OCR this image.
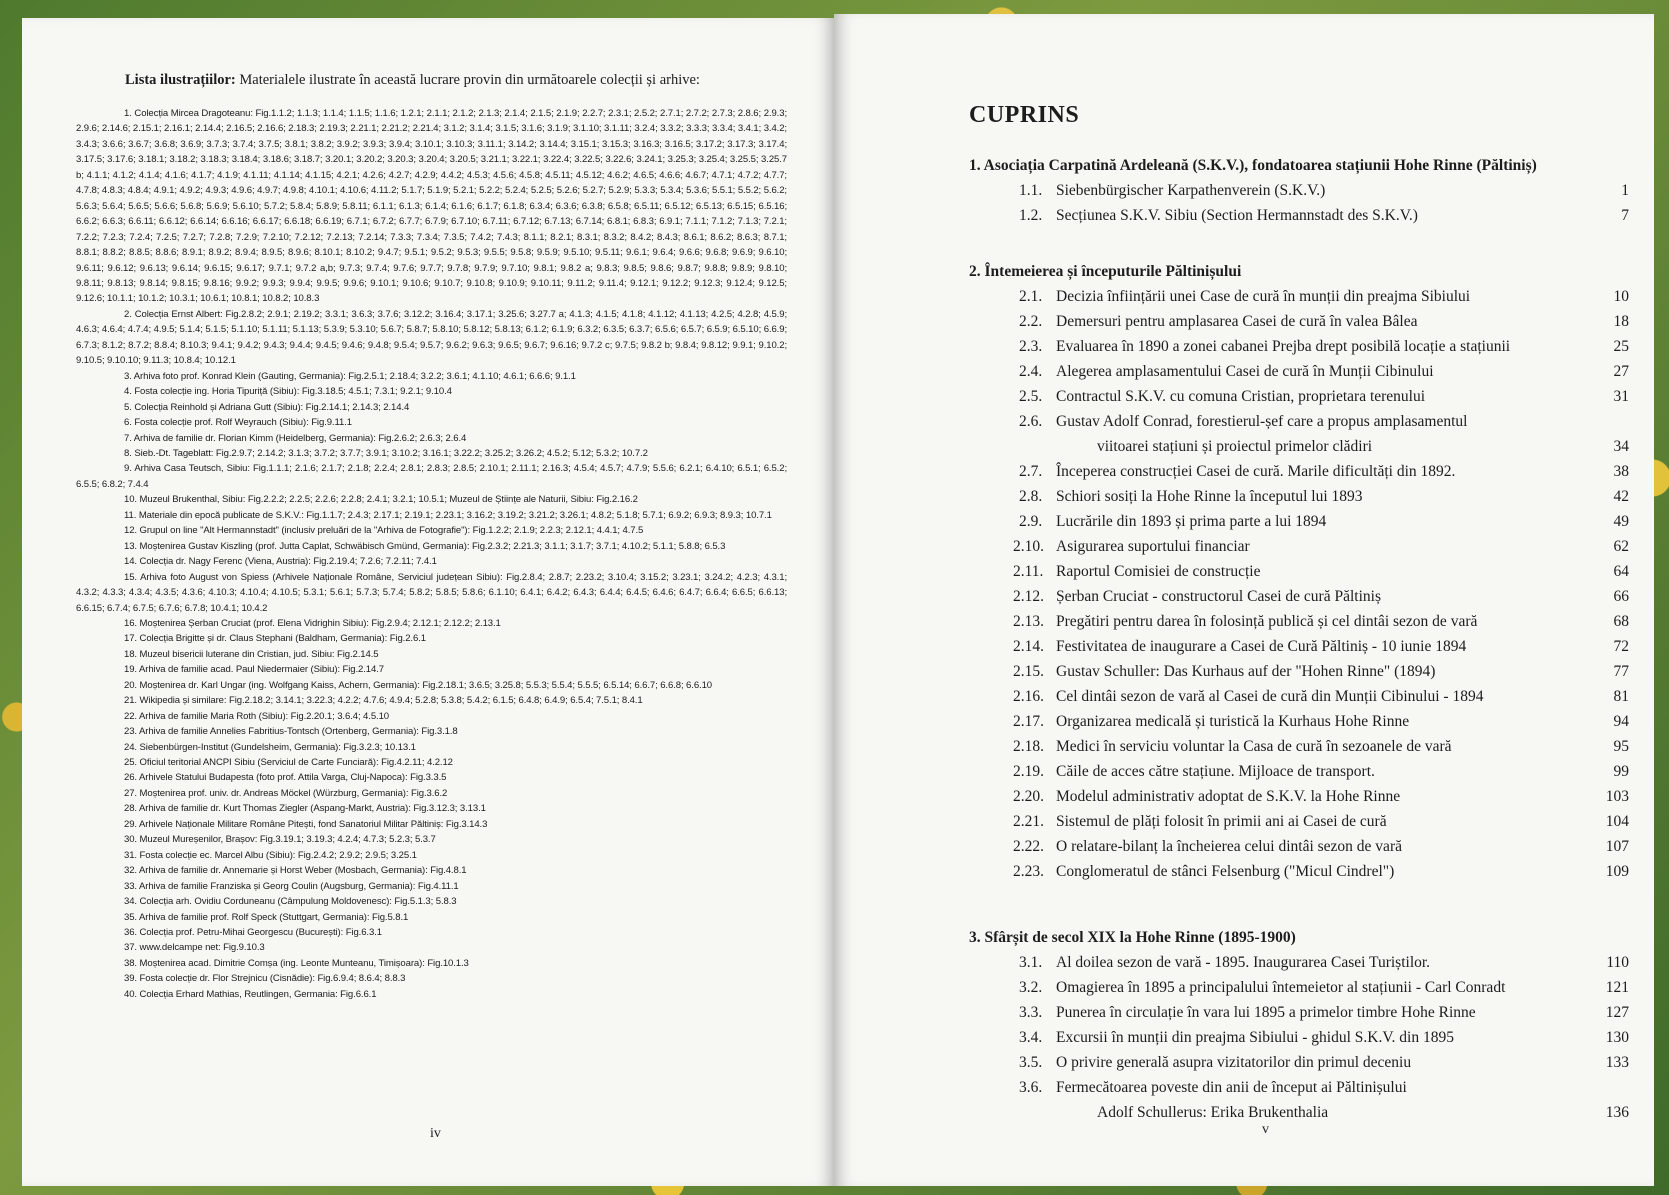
Lista ilustrațiilor: Materialele ilustrate în această lucrare provin din următoarele colecții și arhive:

1. Colecția Mircea Dragoteanu: Fig.1.1.2; 1.1.3; 1.1.4; 1.1.5; 1.1.6; 1.2.1; 2.1.1; 2.1.2; 2.1.3; 2.1.4; 2.1.5; 2.1.9; 2.2.7; 2.3.1; 2.5.2; 2.7.1; 2.7.2; 2.7.3; 2.8.6; 2.9.3; 2.9.6; 2.14.6; 2.15.1; 2.16.1; 2.14.4; 2.16.5; 2.16.6; 2.18.3; 2.19.3; 2.21.1; 2.21.2; 2.21.4; 3.1.2; 3.1.4; 3.1.5; 3.1.6; 3.1.9; 3.1.10; 3.1.11; 3.2.4; 3.3.2; 3.3.3; 3.3.4; 3.4.1; 3.4.2; 3.4.3; 3.6.6; 3.6.7; 3.6.8; 3.6.9; 3.7.3; 3.7.4; 3.7.5; 3.8.1; 3.8.2; 3.9.2; 3.9.3; 3.9.4; 3.10.1; 3.10.3; 3.11.1; 3.14.2; 3.14.4; 3.15.1; 3.15.3; 3.16.3; 3.16.5; 3.17.2; 3.17.3; 3.17.4; 3.17.5; 3.17.6; 3.18.1; 3.18.2; 3.18.3; 3.18.4; 3.18.6; 3.18.7; 3.20.1; 3.20.2; 3.20.3; 3.20.4; 3.20.5; 3.21.1; 3.22.1; 3.22.4; 3.22.5; 3.22.6; 3.24.1; 3.25.3; 3.25.4; 3.25.5; 3.25.7 b; 4.1.1; 4.1.2; 4.1.4; 4.1.6; 4.1.7; 4.1.9; 4.1.11; 4.1.14; 4.1.15; 4.2.1; 4.2.6; 4.2.7; 4.2.9; 4.4.2; 4.5.3; 4.5.6; 4.5.8; 4.5.11; 4.5.12; 4.6.2; 4.6.5; 4.6.6; 4.6.7; 4.7.1; 4.7.2; 4.7.7; 4.7.8; 4.8.3; 4.8.4; 4.9.1; 4.9.2; 4.9.3; 4.9.6; 4.9.7; 4.9.8; 4.10.1; 4.10.6; 4.11.2; 5.1.7; 5.1.9; 5.2.1; 5.2.2; 5.2.4; 5.2.5; 5.2.6; 5.2.7; 5.2.9; 5.3.3; 5.3.4; 5.3.6; 5.5.1; 5.5.2; 5.6.2; 5.6.3; 5.6.4; 5.6.5; 5.6.6; 5.6.8; 5.6.9; 5.6.10; 5.7.2; 5.8.4; 5.8.9; 5.8.11; 6.1.1; 6.1.3; 6.1.4; 6.1.6; 6.1.7; 6.1.8; 6.3.4; 6.3.6; 6.3.8; 6.5.8; 6.5.11; 6.5.12; 6.5.13; 6.5.15; 6.5.16; 6.6.2; 6.6.3; 6.6.11; 6.6.12; 6.6.14; 6.6.16; 6.6.17; 6.6.18; 6.6.19; 6.7.1; 6.7.2; 6.7.7; 6.7.9; 6.7.10; 6.7.11; 6.7.12; 6.7.13; 6.7.14; 6.8.1; 6.8.3; 6.9.1; 7.1.1; 7.1.2; 7.1.3; 7.2.1; 7.2.2; 7.2.3; 7.2.4; 7.2.5; 7.2.7; 7.2.8; 7.2.9; 7.2.10; 7.2.12; 7.2.13; 7.2.14; 7.3.3; 7.3.4; 7.3.5; 7.4.2; 7.4.3; 8.1.1; 8.2.1; 8.3.1; 8.3.2; 8.4.2; 8.4.3; 8.6.1; 8.6.2; 8.6.3; 8.7.1; 8.8.1; 8.8.2; 8.8.5; 8.8.6; 8.9.1; 8.9.2; 8.9.4; 8.9.5; 8.9.6; 8.10.1; 8.10.2; 9.4.7; 9.5.1; 9.5.2; 9.5.3; 9.5.5; 9.5.8; 9.5.9; 9.5.10; 9.5.11; 9.6.1; 9.6.4; 9.6.6; 9.6.8; 9.6.9; 9.6.10; 9.6.11; 9.6.12; 9.6.13; 9.6.14; 9.6.15; 9.6.17; 9.7.1; 9.7.2 a,b; 9.7.3; 9.7.4; 9.7.6; 9.7.7; 9.7.8; 9.7.9; 9.7.10; 9.8.1; 9.8.2 a; 9.8.3; 9.8.5; 9.8.6; 9.8.7; 9.8.8; 9.8.9; 9.8.10; 9.8.11; 9.8.13; 9.8.14; 9.8.15; 9.8.16; 9.9.2; 9.9.3; 9.9.4; 9.9.5; 9.9.6; 9.10.1; 9.10.6; 9.10.7; 9.10.8; 9.10.9; 9.10.11; 9.11.2; 9.11.4; 9.12.1; 9.12.2; 9.12.3; 9.12.4; 9.12.5; 9.12.6; 10.1.1; 10.1.2; 10.3.1; 10.6.1; 10.8.1; 10.8.2; 10.8.3

2. Colecția Ernst Albert: Fig.2.8.2; 2.9.1; 2.19.2; 3.3.1; 3.6.3; 3.7.6; 3.12.2; 3.16.4; 3.17.1; 3.25.6; 3.27.7 a; 4.1.3; 4.1.5; 4.1.8; 4.1.12; 4.1.13; 4.2.5; 4.2.8; 4.5.9; 4.6.3; 4.6.4; 4.7.4; 4.9.5; 5.1.4; 5.1.5; 5.1.10; 5.1.11; 5.1.13; 5.3.9; 5.3.10; 5.6.7; 5.8.7; 5.8.10; 5.8.12; 5.8.13; 6.1.2; 6.1.9; 6.3.2; 6.3.5; 6.3.7; 6.5.6; 6.5.7; 6.5.9; 6.5.10; 6.6.9; 6.7.3; 8.1.2; 8.7.2; 8.8.4; 8.10.3; 9.4.1; 9.4.2; 9.4.3; 9.4.4; 9.4.5; 9.4.6; 9.4.8; 9.5.4; 9.5.7; 9.6.2; 9.6.3; 9.6.5; 9.6.7; 9.6.16; 9.7.2 c; 9.7.5; 9.8.2 b; 9.8.4; 9.8.12; 9.9.1; 9.10.2; 9.10.5; 9.10.10; 9.11.3; 10.8.4; 10.12.1

3. Arhiva foto prof. Konrad Klein (Gauting, Germania): Fig.2.5.1; 2.18.4; 3.2.2; 3.6.1; 4.1.10; 4.6.1; 6.6.6; 9.1.1

4. Fosta colecție ing. Horia Tipuriță (Sibiu): Fig.3.18.5; 4.5.1; 7.3.1; 9.2.1; 9.10.4

5. Colecția Reinhold și Adriana Gutt (Sibiu): Fig.2.14.1; 2.14.3; 2.14.4

6. Fosta colecție prof. Rolf Weyrauch (Sibiu): Fig.9.11.1

7. Arhiva de familie dr. Florian Kimm (Heidelberg, Germania): Fig.2.6.2; 2.6.3; 2.6.4

8. Sieb.-Dt. Tageblatt: Fig.2.9.7; 2.14.2; 3.1.3; 3.7.2; 3.7.7; 3.9.1; 3.10.2; 3.16.1; 3.22.2; 3.25.2; 3.26.2; 4.5.2; 5.12; 5.3.2; 10.7.2

9. Arhiva Casa Teutsch, Sibiu: Fig.1.1.1; 2.1.6; 2.1.7; 2.1.8; 2.2.4; 2.8.1; 2.8.3; 2.8.5; 2.10.1; 2.11.1; 2.16.3; 4.5.4; 4.5.7; 4.7.9; 5.5.6; 6.2.1; 6.4.10; 6.5.1; 6.5.2; 6.5.5; 6.8.2; 7.4.4

10. Muzeul Brukenthal, Sibiu: Fig.2.2.2; 2.2.5; 2.2.6; 2.2.8; 2.4.1; 3.2.1; 10.5.1; Muzeul de Științe ale Naturii, Sibiu: Fig.2.16.2

11. Materiale din epocă publicate de S.K.V.: Fig.1.1.7; 2.4.3; 2.17.1; 2.19.1; 2.23.1; 3.16.2; 3.19.2; 3.21.2; 3.26.1; 4.8.2; 5.1.8; 5.7.1; 6.9.2; 6.9.3; 8.9.3; 10.7.1

12. Grupul on line "Alt Hermannstadt" (inclusiv preluări de la "Arhiva de Fotografie"): Fig.1.2.2; 2.1.9; 2.2.3; 2.12.1; 4.4.1; 4.7.5

13. Moștenirea Gustav Kiszling (prof. Jutta Caplat, Schwäbisch Gmünd, Germania): Fig.2.3.2; 2.21.3; 3.1.1; 3.1.7; 3.7.1; 4.10.2; 5.1.1; 5.8.8; 6.5.3

14. Colecția dr. Nagy Ferenc (Viena, Austria): Fig.2.19.4; 7.2.6; 7.2.11; 7.4.1

15. Arhiva foto August von Spiess (Arhivele Naționale Române, Serviciul județean Sibiu): Fig.2.8.4; 2.8.7; 2.23.2; 3.10.4; 3.15.2; 3.23.1; 3.24.2; 4.2.3; 4.3.1; 4.3.2; 4.3.3; 4.3.4; 4.3.5; 4.3.6; 4.10.3; 4.10.4; 4.10.5; 5.3.1; 5.6.1; 5.7.3; 5.7.4; 5.8.2; 5.8.5; 5.8.6; 6.1.10; 6.4.1; 6.4.2; 6.4.3; 6.4.4; 6.4.5; 6.4.6; 6.4.7; 6.6.4; 6.6.5; 6.6.13; 6.6.15; 6.7.4; 6.7.5; 6.7.6; 6.7.8; 10.4.1; 10.4.2

16. Moștenirea Șerban Cruciat (prof. Elena Vidrighin Sibiu): Fig.2.9.4; 2.12.1; 2.12.2; 2.13.1

17. Colecția Brigitte și dr. Claus Stephani (Baldham, Germania): Fig.2.6.1

18. Muzeul bisericii luterane din Cristian, jud. Sibiu: Fig.2.14.5

19. Arhiva de familie acad. Paul Niedermaier (Sibiu): Fig.2.14.7

20. Moștenirea dr. Karl Ungar (ing. Wolfgang Kaiss, Achern, Germania): Fig.2.18.1; 3.6.5; 3.25.8; 5.5.3; 5.5.4; 5.5.5; 6.5.14; 6.6.7; 6.6.8; 6.6.10

21. Wikipedia și similare: Fig.2.18.2; 3.14.1; 3.22.3; 4.2.2; 4.7.6; 4.9.4; 5.2.8; 5.3.8; 5.4.2; 6.1.5; 6.4.8; 6.4.9; 6.5.4; 7.5.1; 8.4.1

22. Arhiva de familie Maria Roth (Sibiu): Fig.2.20.1; 3.6.4; 4.5.10

23. Arhiva de familie Annelies Fabritius-Tontsch (Ortenberg, Germania): Fig.3.1.8

24. Siebenbürgen-Institut (Gundelsheim, Germania): Fig.3.2.3; 10.13.1

25. Oficiul teritorial ANCPI Sibiu (Serviciul de Carte Funciară): Fig.4.2.11; 4.2.12

26. Arhivele Statului Budapesta (foto prof. Attila Varga, Cluj-Napoca): Fig.3.3.5

27. Moștenirea prof. univ. dr. Andreas Möckel (Würzburg, Germania): Fig.3.6.2

28. Arhiva de familie dr. Kurt Thomas Ziegler (Aspang-Markt, Austria): Fig.3.12.3; 3.13.1

29. Arhivele Naționale Militare Române Pitești, fond Sanatoriul Militar Păltiniș: Fig.3.14.3

30. Muzeul Mureșenilor, Brașov: Fig.3.19.1; 3.19.3; 4.2.4; 4.7.3; 5.2.3; 5.3.7

31. Fosta colecție ec. Marcel Albu (Sibiu): Fig.2.4.2; 2.9.2; 2.9.5; 3.25.1

32. Arhiva de familie dr. Annemarie și Horst Weber (Mosbach, Germania): Fig.4.8.1

33. Arhiva de familie Franziska și Georg Coulin (Augsburg, Germania): Fig.4.11.1

34. Colecția arh. Ovidiu Corduneanu (Câmpulung Moldovenesc): Fig.5.1.3; 5.8.3

35. Arhiva de familie prof. Rolf Speck (Stuttgart, Germania): Fig.5.8.1

36. Colecția prof. Petru-Mihai Georgescu (București): Fig.6.3.1

37. www.delcampe net: Fig.9.10.3

38. Moștenirea acad. Dimitrie Comșa (ing. Leonte Munteanu, Timișoara): Fig.10.1.3

39. Fosta colecție dr. Flor Strejnicu (Cisnădie): Fig.6.9.4; 8.6.4; 8.8.3

40. Colecția Erhard Mathias, Reutlingen, Germania: Fig.6.6.1

iv
CUPRINS
1. Asociația Carpatină Ardeleană (S.K.V.), fondatoarea stațiunii Hohe Rinne (Păltiniș)
1.1. Siebenbürgischer Karpathenverein (S.K.V.)	1
1.2. Secțiunea S.K.V. Sibiu (Section Hermannstadt des S.K.V.)	7
2. Întemeierea și începuturile Păltinișului
2.1. Decizia înființării unei Case de cură în munții din preajma Sibiului	10
2.2. Demersuri pentru amplasarea Casei de cură în valea Bâlea	18
2.3. Evaluarea în 1890 a zonei cabanei Prejba drept posibilă locație a stațiunii	25
2.4. Alegerea amplasamentului Casei de cură în Munții Cibinului	27
2.5. Contractul S.K.V. cu comuna Cristian, proprietara terenului	31
2.6. Gustav Adolf Conrad, forestierul-șef care a propus amplasamentul
viitoarei stațiuni și proiectul primelor clădiri	34
2.7. Începerea construcției Casei de cură. Marile dificultăți din 1892.	38
2.8. Schiori sosiți la Hohe Rinne la începutul lui 1893	42
2.9. Lucrările din 1893 și prima parte a lui 1894	49
2.10. Asigurarea suportului financiar	62
2.11. Raportul Comisiei de construcție	64
2.12. Șerban Cruciat - constructorul Casei de cură Păltiniș	66
2.13. Pregătiri pentru darea în folosință publică și cel dintâi sezon de vară	68
2.14. Festivitatea de inaugurare a Casei de Cură Păltiniș - 10 iunie 1894	72
2.15. Gustav Schuller: Das Kurhaus auf der "Hohen Rinne" (1894)	77
2.16. Cel dintâi sezon de vară al Casei de cură din Munții Cibinului - 1894	81
2.17. Organizarea medicală și turistică la Kurhaus Hohe Rinne	94
2.18. Medici în serviciu voluntar la Casa de cură în sezoanele de vară	95
2.19. Căile de acces către stațiune. Mijloace de transport.	99
2.20. Modelul administrativ adoptat de S.K.V. la Hohe Rinne	103
2.21. Sistemul de plăți folosit în primii ani ai Casei de cură	104
2.22. O relatare-bilanț la încheierea celui dintâi sezon de vară	107
2.23. Conglomeratul de stânci Felsenburg ("Micul Cindrel")	109
3. Sfârșit de secol XIX la Hohe Rinne (1895-1900)
3.1. Al doilea sezon de vară - 1895. Inaugurarea Casei Turiștilor.	110
3.2. Omagierea în 1895 a principalului întemeietor al stațiunii - Carl Conradt	121
3.3. Punerea în circulație în vara lui 1895 a primelor timbre Hohe Rinne	127
3.4. Excursii în munții din preajma Sibiului - ghidul S.K.V. din 1895	130
3.5. O privire generală asupra vizitatorilor din primul deceniu	133
3.6. Fermecătoarea poveste din anii de început ai Păltinișului
Adolf Schullerus: Erika Brukenthalia	136
v
